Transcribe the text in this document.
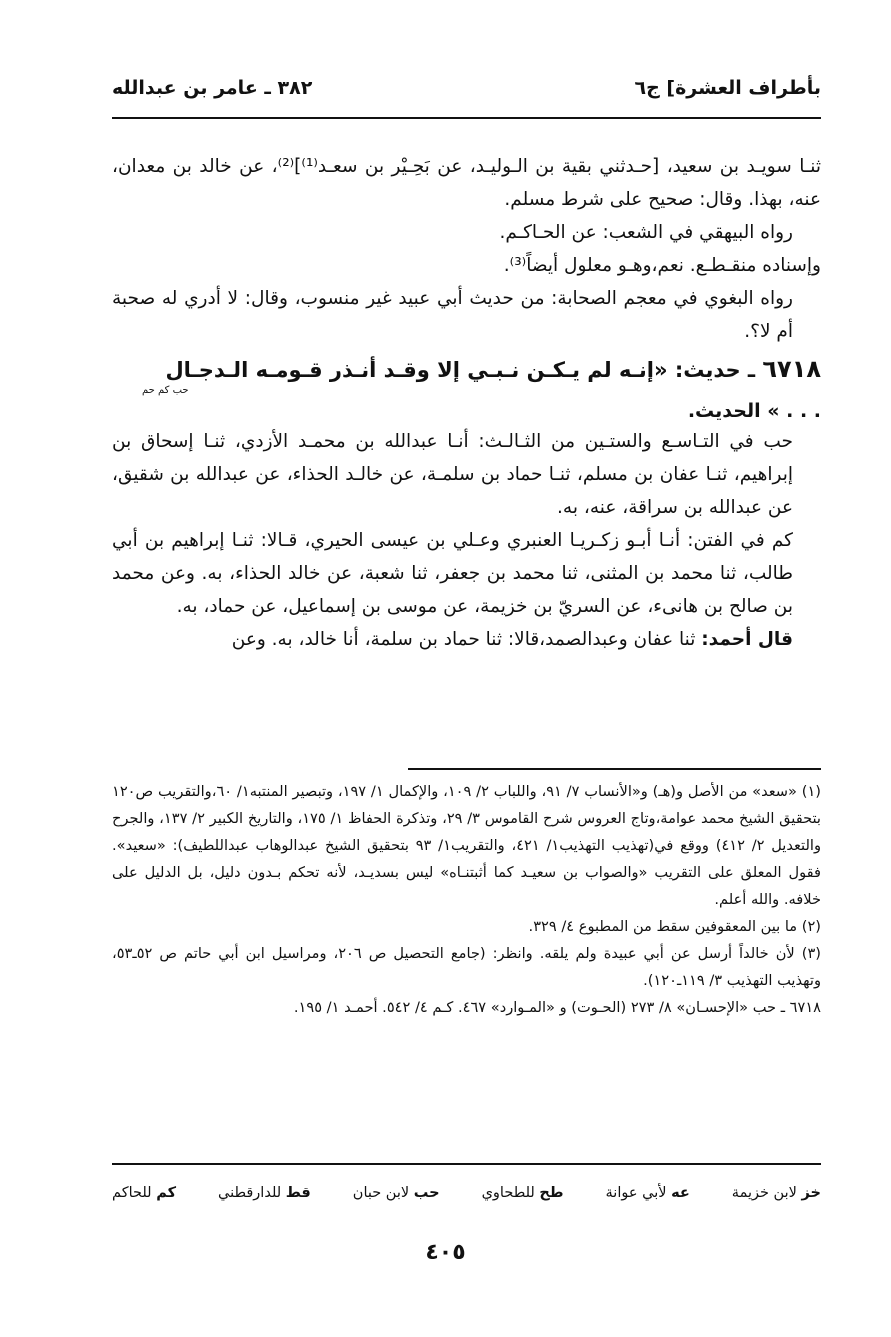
بأطراف العشرة] ج٦
٣٨٢ ـ عامر بن عبدالله

ثنـا سويـد بن سعيد، [حـدثني بقية بن الـوليـد، عن بَحِـيْر بن سعـد⁽¹⁾]⁽²⁾، عن خالد بن معدان، عنه، بهذا. وقال: صحيح على شرط مسلم.

رواه البيهقي في الشعب: عن الحـاكـم.

وإسناده منقـطـع. نعم،وهـو معلول أيضاً⁽³⁾.

رواه البغوي في معجم الصحابة: من حديث أبي عبيد غير منسوب، وقال: لا أدري له صحبة أم لا؟.

٦٧١٨ ـ حديث: «إنـه لم يـكـن نـبـي إلا وقـد أنـذر قـومـه الـدجـال

حب كم حم

. . . » الحديث.

حب في التـاسـع والستـين من الثـالـث: أنـا عبدالله بن محمـد الأزدي، ثنـا إسحاق بن إبراهيم، ثنـا عفان بن مسلم، ثنـا حماد بن سلمـة، عن خالـد الحذاء، عن عبدالله بن شقيق، عن عبدالله بن سراقة، عنه، به.

كم في الفتن: أنـا أبـو زكـريـا العنبري وعـلي بن عيسى الحيري، قـالا: ثنـا إبراهيم بن أبي طالب، ثنا محمد بن المثنى، ثنا محمد بن جعفر، ثنا شعبة، عن خالد الحذاء، به. وعن محمد بن صالح بن هانىء، عن السريّ بن خزيمة، عن موسى بن إسماعيل، عن حماد، به.

قال أحمد: ثنا عفان وعبدالصمد،قالا: ثنا حماد بن سلمة، أنا خالد، به. وعن

(١) «سعد» من الأصل و(هـ) و«الأنساب ٧/ ٩١، واللباب ٢/ ١٠٩، والإكمال ١/ ١٩٧، وتبصير المنتبه١/ ٦٠،والتقريب ص١٢٠ بتحقيق الشيخ محمد عوامة،وتاج العروس شرح القاموس ٣/ ٢٩، وتذكرة الحفاظ ١/ ١٧٥، والتاريخ الكبير ٢/ ١٣٧، والجرح والتعديل ٢/ ٤١٢) ووقع في(تهذيب التهذيب١/ ٤٢١، والتقريب١/ ٩٣ بتحقيق الشيخ عبدالوهاب عبداللطيف): «سعيد». فقول المعلق على التقريب «والصواب بن سعيـد كما أثبتنـاه» ليس بسديـد، لأنه تحكم بـدون دليل، بل الدليل على خلافه. والله أعلم.

(٢) ما بين المعقوفين سقط من المطبوع ٤/ ٣٢٩.

(٣) لأن خالداً أرسل عن أبي عبيدة ولم يلقه. وانظر: (جامع التحصيل ص ٢٠٦، ومراسيل ابن أبي حاتم ص ٥٢ـ٥٣، وتهذيب التهذيب ٣/ ١١٩ـ١٢٠).

٦٧١٨ ـ حب «الإحسـان» ٨/ ٢٧٣ (الحـوت) و «المـوارد» ٤٦٧. كـم ٤/ ٥٤٢. أحمـد ١/ ١٩٥.

خز لابن خزيمة
عه لأبي عوانة
طح للطحاوي
حب لابن حبان
قط للدارقطني
كم للحاكم
٤٠٥
